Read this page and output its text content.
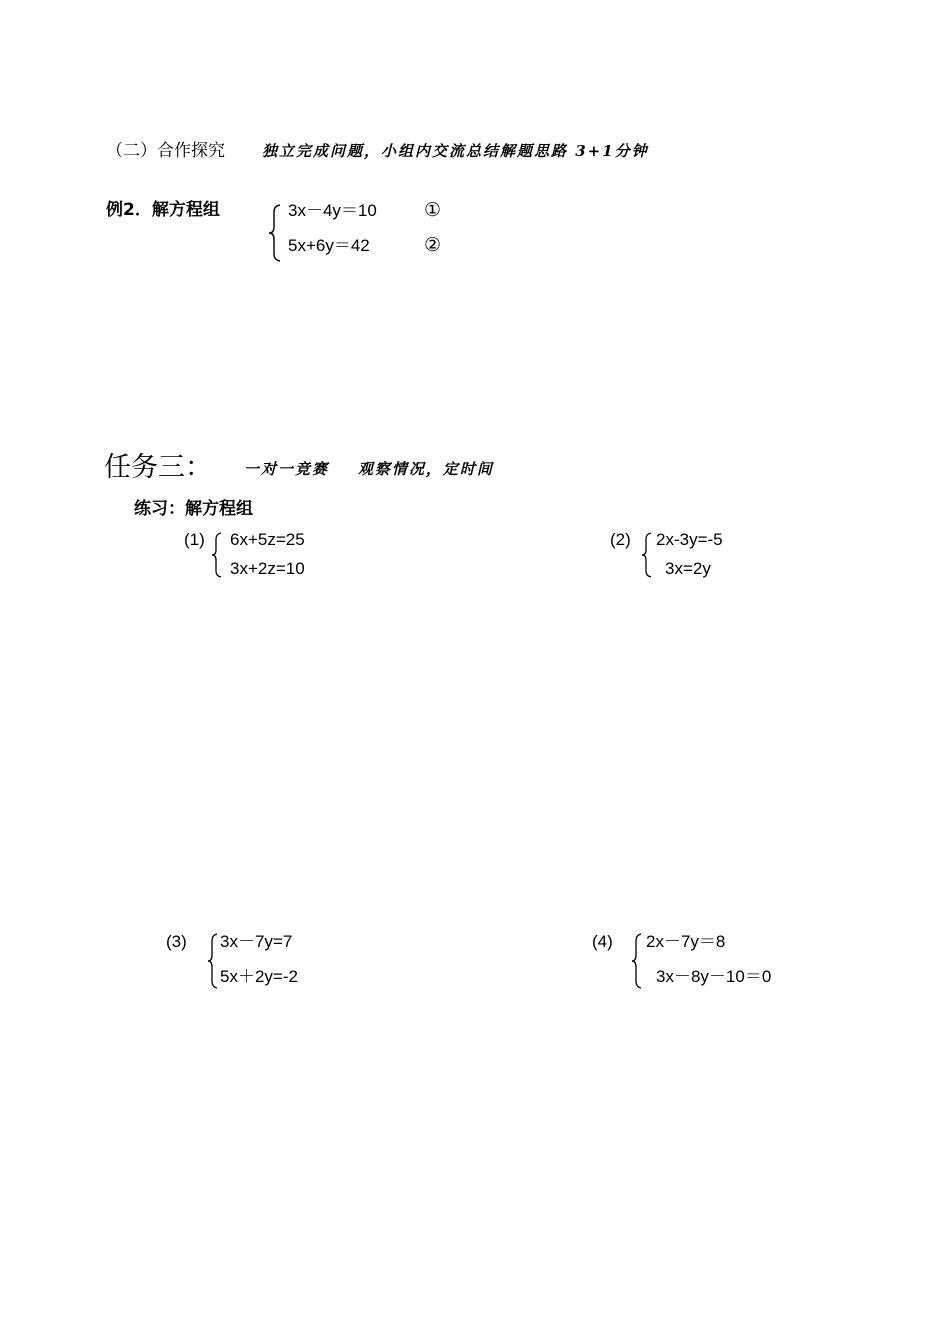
（二）合作探究 独立完成问题，小组内交流总结解题思路 3+1分钟
例2．解方程组	3x－4y＝10 ①
5x+6y＝42	②
任务三： 一对一竞赛    观察情况，定时间
练习：解方程组
(1) 6x+5z=25
3x+2z=10
(2) 2x-3y=-5
3x=2y
(3) 3x－7y=7
5x＋2y=-2
(4) 2x－7y＝8
3x－8y－10＝0
